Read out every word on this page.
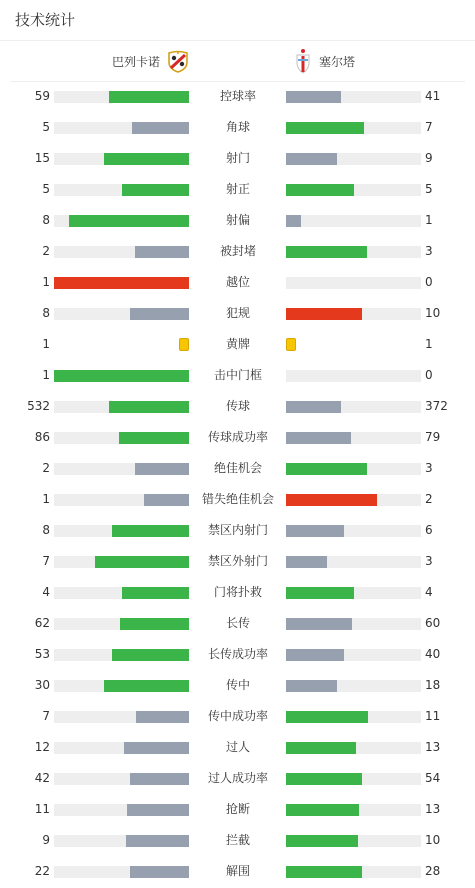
技术统计
巴列卡诺	塞尔塔
59	控球率	41
5	角球	7
15	射门	9
5	射正	5
8	射偏	1
2	被封堵	3
1	越位	0
8	犯规	10
1	黄牌	1
1	击中门框	0
532	传球	372
86	传球成功率	79
2	绝佳机会	3
1	错失绝佳机会	2
8	禁区内射门	6
7	禁区外射门	3
4	门将扑救	4
62	长传	60
53	长传成功率	40
30	传中	18
7	传中成功率	11
12	过人	13
42	过人成功率	54
11	抢断	13
9	拦截	10
22	解围	28
